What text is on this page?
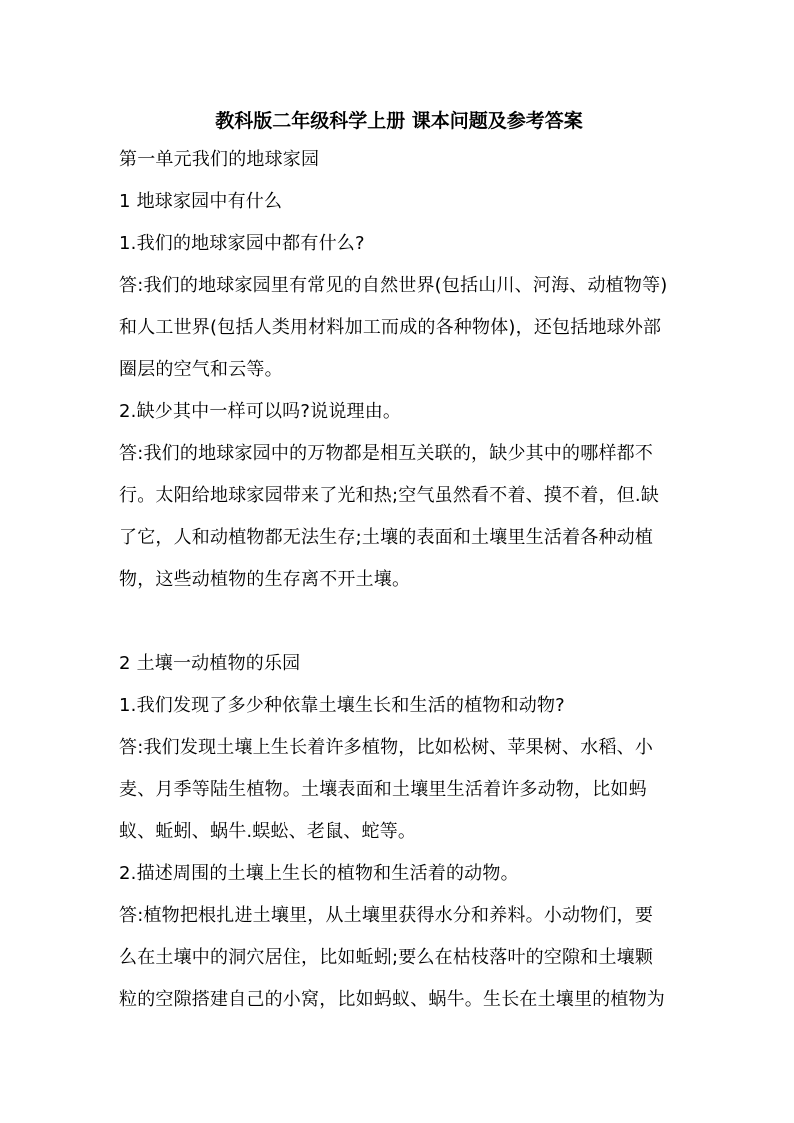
教科版二年级科学上册 课本问题及参考答案
第一单元我们的地球家园
1 地球家园中有什么
1.我们的地球家园中都有什么?
答:我们的地球家园里有常见的自然世界(包括山川、河海、动植物等)
和人工世界(包括人类用材料加工而成的各种物体)，还包括地球外部
圈层的空气和云等。
2.缺少其中一样可以吗?说说理由。
答:我们的地球家园中的万物都是相互关联的，缺少其中的哪样都不
行。太阳给地球家园带来了光和热;空气虽然看不着、摸不着，但.缺
了它，人和动植物都无法生存;土壤的表面和土壤里生活着各种动植
物，这些动植物的生存离不开土壤。
2 土壤一动植物的乐园
1.我们发现了多少种依靠土壤生长和生活的植物和动物?
答:我们发现土壤上生长着许多植物，比如松树、苹果树、水稻、小
麦、月季等陆生植物。土壤表面和土壤里生活着许多动物，比如蚂
蚁、蚯蚓、蜗牛.蜈蚣、老鼠、蛇等。
2.描述周围的土壤上生长的植物和生活着的动物。
答:植物把根扎进土壤里，从土壤里获得水分和养料。小动物们，要
么在土壤中的洞穴居住，比如蚯蚓;要么在枯枝落叶的空隙和土壤颗
粒的空隙搭建自己的小窝，比如蚂蚁、蜗牛。生长在土壤里的植物为
